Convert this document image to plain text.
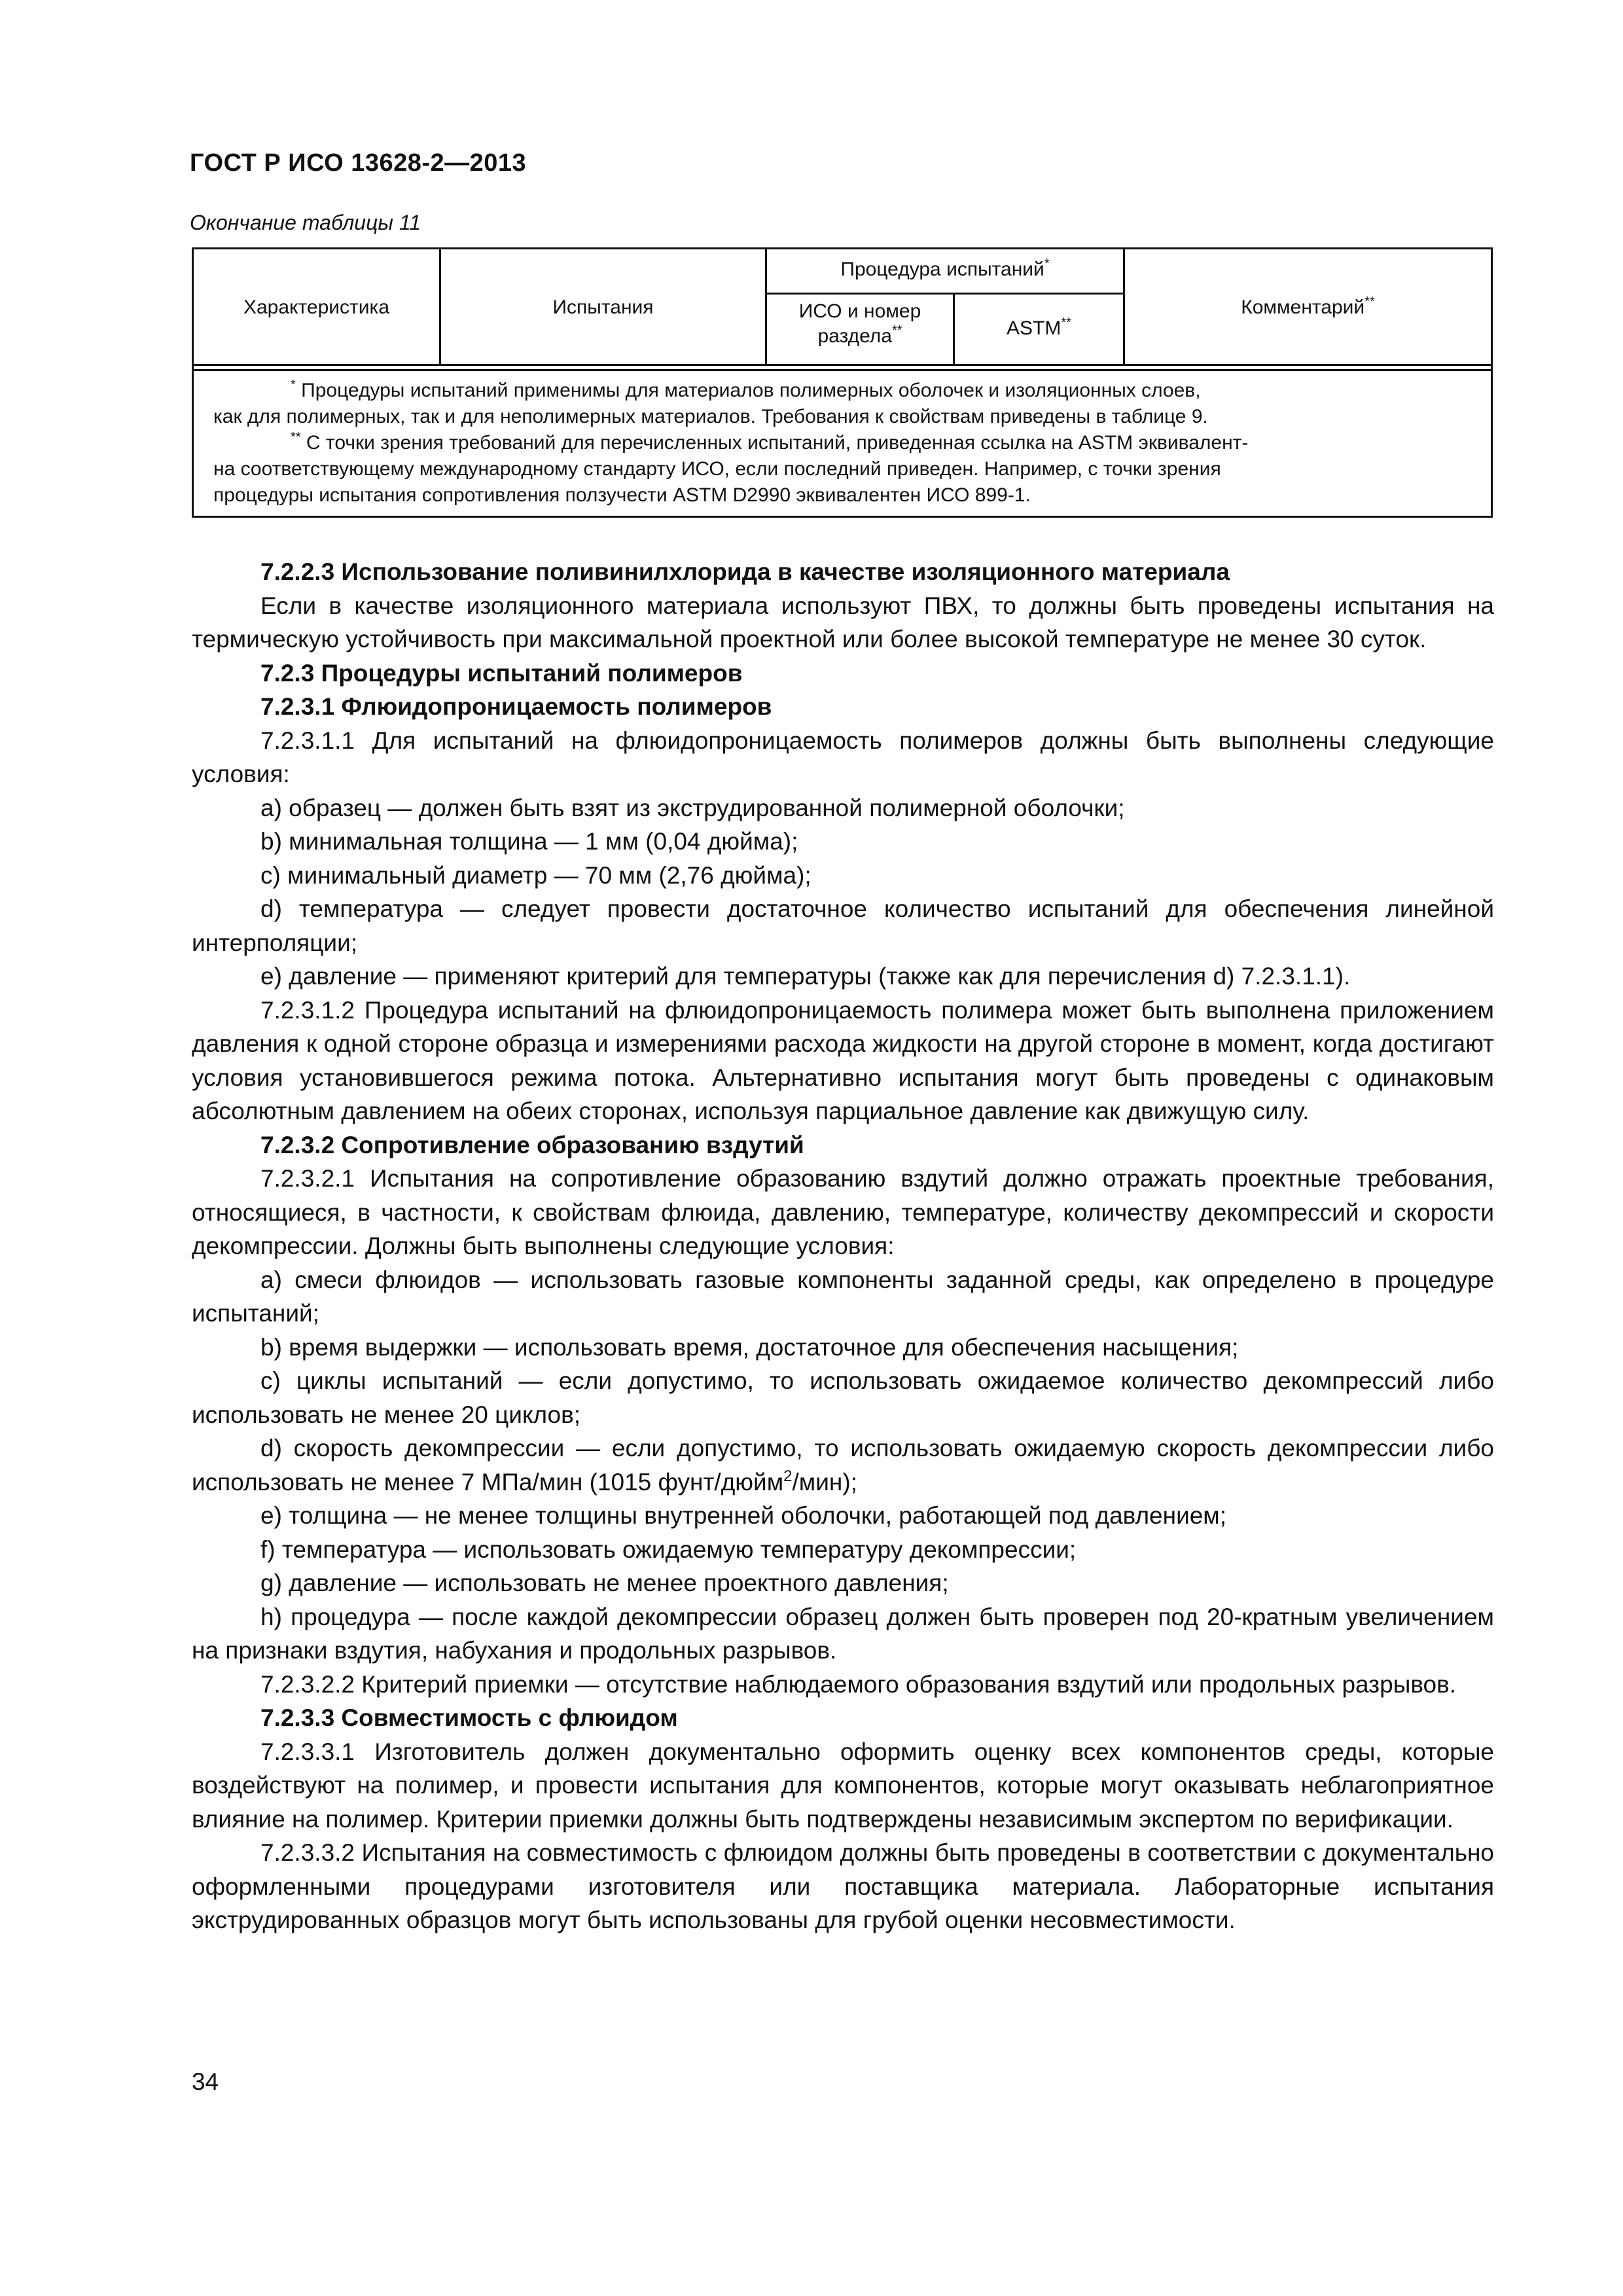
ГОСТ Р ИСО 13628-2—2013
Окончание таблицы 11
Характеристика	Испытания
Процедура испытаний*
ИСО и номер раздела**	ASTM**
Комментарий**

* Процедуры испытаний применимы для материалов полимерных оболочек и изоляционных слоев,

как для полимерных, так и для неполимерных материалов. Требования к свойствам приведены в таблице 9.

** С точки зрения требований для перечисленных испытаний, приведенная ссылка на ASTM эквивалент-

на соответствующему международному стандарту ИСО, если последний приведен. Например, с точки зрения

процедуры испытания сопротивления ползучести ASTM D2990 эквивалентен ИСО 899-1.

7.2.2.3 Использование поливинилхлорида в качестве изоляционного материала

Если в качестве изоляционного материала используют ПВХ, то должны быть проведены испытания на термическую устойчивость при максимальной проектной или более высокой температуре не менее 30 суток.

7.2.3 Процедуры испытаний полимеров

7.2.3.1 Флюидопроницаемость полимеров

7.2.3.1.1 Для испытаний на флюидопроницаемость полимеров должны быть выполнены следующие условия:

a) образец — должен быть взят из экструдированной полимерной оболочки;

b) минимальная толщина — 1 мм (0,04 дюйма);

c) минимальный диаметр — 70 мм (2,76 дюйма);

d) температура — следует провести достаточное количество испытаний для обеспечения линейной интерполяции;

e) давление — применяют критерий для температуры (также как для перечисления d) 7.2.3.1.1).

7.2.3.1.2 Процедура испытаний на флюидопроницаемость полимера может быть выполнена приложением давления к одной стороне образца и измерениями расхода жидкости на другой стороне в момент, когда достигают условия установившегося режима потока. Альтернативно испытания могут быть проведены с одинаковым абсолютным давлением на обеих сторонах, используя парциальное давление как движущую силу.

7.2.3.2 Сопротивление образованию вздутий

7.2.3.2.1 Испытания на сопротивление образованию вздутий должно отражать проектные требования, относящиеся, в частности, к свойствам флюида, давлению, температуре, количеству декомпрессий и скорости декомпрессии. Должны быть выполнены следующие условия:

a) смеси флюидов — использовать газовые компоненты заданной среды, как определено в процедуре испытаний;

b) время выдержки — использовать время, достаточное для обеспечения насыщения;

c) циклы испытаний — если допустимо, то использовать ожидаемое количество декомпрессий либо использовать не менее 20 циклов;

d) скорость декомпрессии — если допустимо, то использовать ожидаемую скорость декомпрессии либо использовать не менее 7 МПа/мин (1015 фунт/дюйм$^2$/мин);

e) толщина — не менее толщины внутренней оболочки, работающей под давлением;

f) температура — использовать ожидаемую температуру декомпрессии;

g) давление — использовать не менее проектного давления;

h) процедура — после каждой декомпрессии образец должен быть проверен под 20-кратным увеличением на признаки вздутия, набухания и продольных разрывов.

7.2.3.2.2 Критерий приемки — отсутствие наблюдаемого образования вздутий или продольных разрывов.

7.2.3.3 Совместимость с флюидом

7.2.3.3.1 Изготовитель должен документально оформить оценку всех компонентов среды, которые воздействуют на полимер, и провести испытания для компонентов, которые могут оказывать неблагоприятное влияние на полимер. Критерии приемки должны быть подтверждены независимым экспертом по верификации.

7.2.3.3.2 Испытания на совместимость с флюидом должны быть проведены в соответствии с документально оформленными процедурами изготовителя или поставщика материала. Лабораторные испытания экструдированных образцов могут быть использованы для грубой оценки несовместимости.

34
